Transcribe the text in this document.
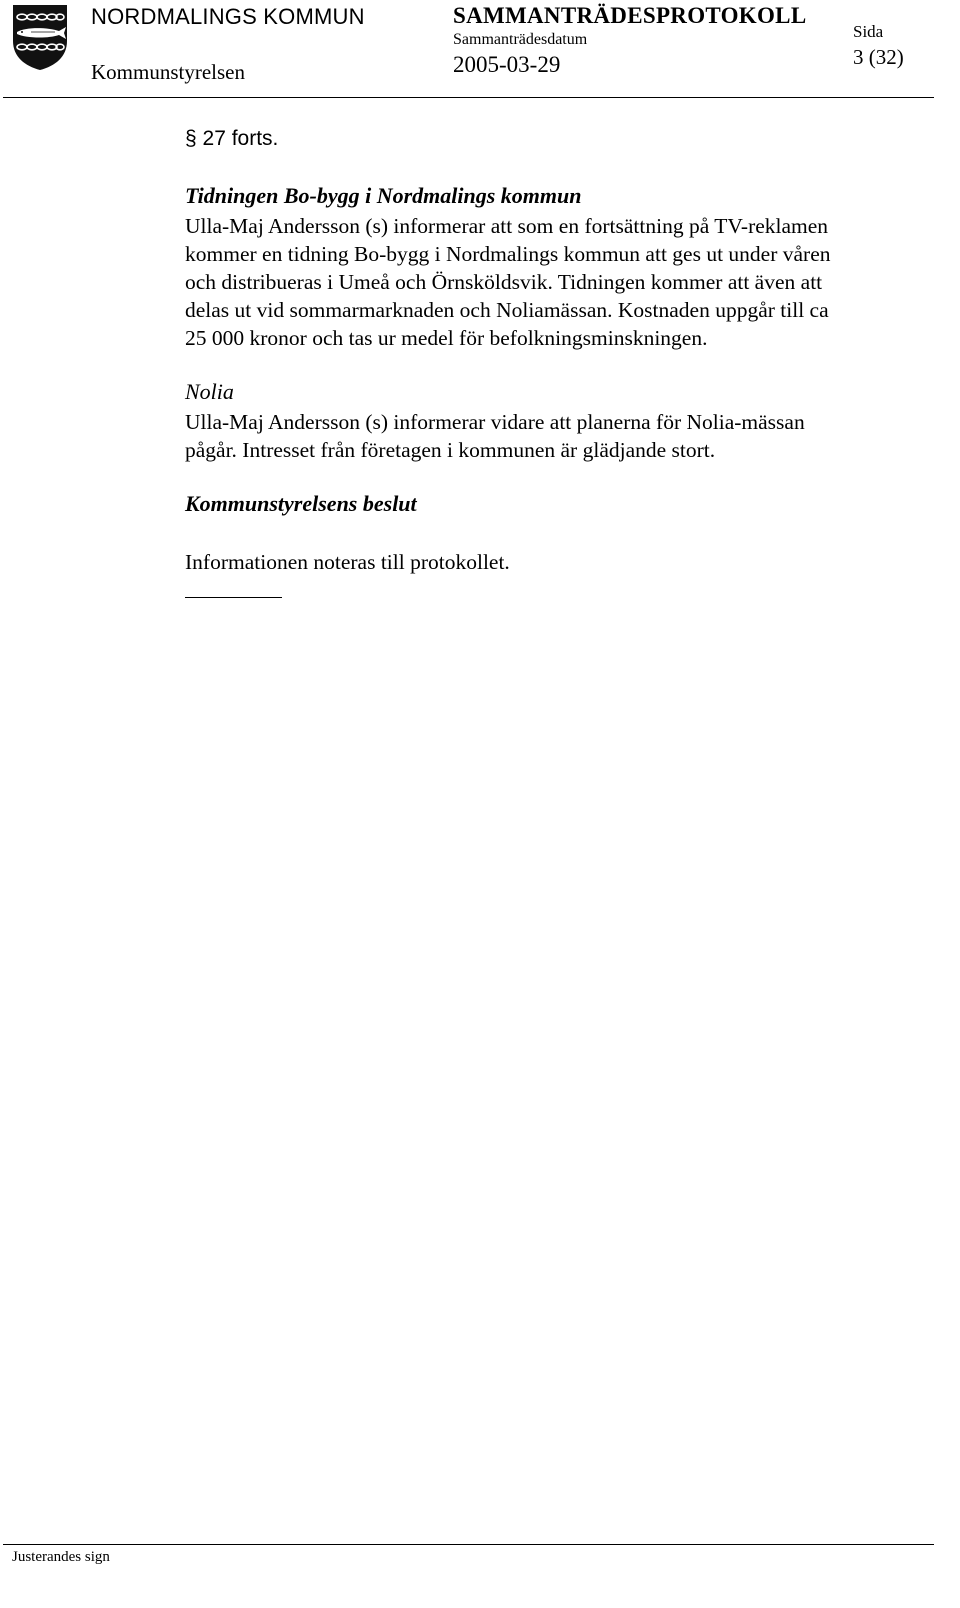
NORDMALINGS KOMMUN
Kommunstyrelsen
SAMMANTRÄDESPROTOKOLL
Sammanträdesdatum
2005-03-29
Sida
3 (32)
§ 27 forts.
Tidningen Bo-bygg i Nordmalings kommun
Ulla-Maj Andersson (s) informerar att som en fortsättning på TV-reklamen
kommer en tidning Bo-bygg i Nordmalings kommun att ges ut under våren
och distribueras i Umeå och Örnsköldsvik. Tidningen kommer att även att
delas ut vid sommarmarknaden och Noliamässan. Kostnaden uppgår till ca
25 000 kronor och tas ur medel för befolkningsminskningen.
Nolia
Ulla-Maj Andersson (s) informerar vidare att planerna för Nolia-mässan
pågår. Intresset från företagen i kommunen är glädjande stort.
Kommunstyrelsens beslut
Informationen noteras till protokollet.
Justerandes sign
